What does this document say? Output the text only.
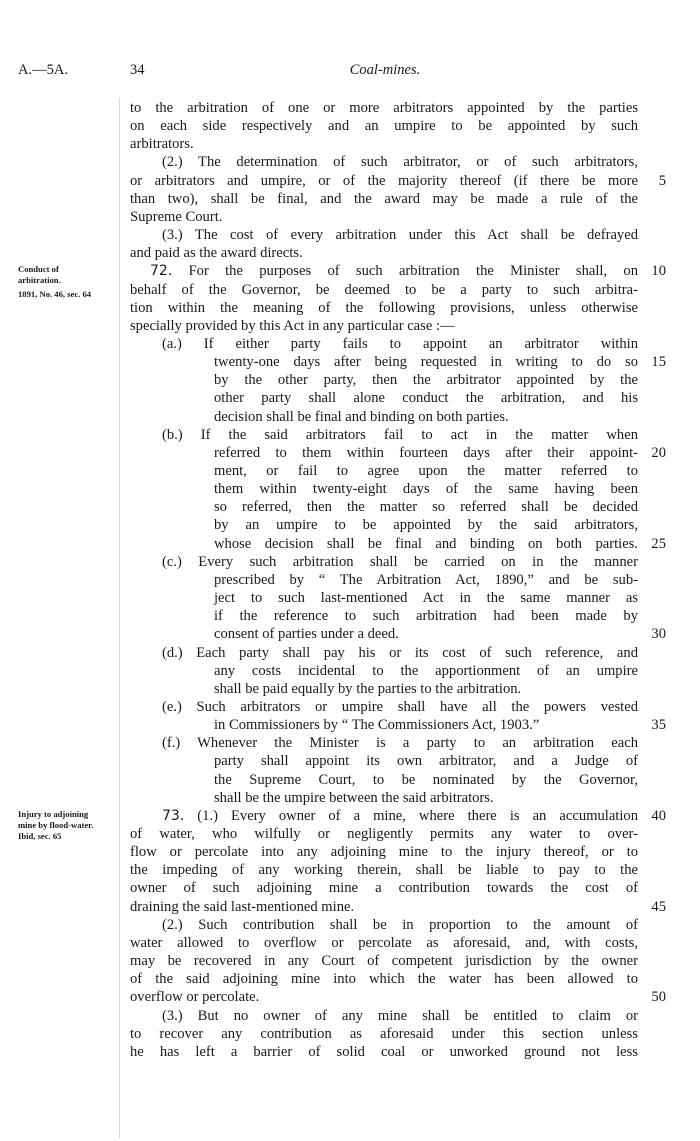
A.—5A.	Coal-mines.
34
to the arbitration of one or more arbitrators appointed by the parties
on each side respectively and an umpire to be appointed by such
arbitrators.
(2.) The determination of such arbitrator, or of such arbitrators,
or arbitrators and umpire, or of the majority thereof (if there be more
than two), shall be final, and the award may be made a rule of the
Supreme Court.
(3.) The cost of every arbitration under this Act shall be defrayed
and paid as the award directs.
72. For the purposes of such arbitration the Minister shall, on
behalf of the Governor, be deemed to be a party to such arbitra-
tion within the meaning of the following provisions, unless otherwise
specially provided by this Act in any particular case :—
(a.) If either party fails to appoint an arbitrator within
twenty-one days after being requested in writing to do so
by the other party, then the arbitrator appointed by the
other party shall alone conduct the arbitration, and his
decision shall be final and binding on both parties.
(b.) If the said arbitrators fail to act in the matter when
referred to them within fourteen days after their appoint-
ment, or fail to agree upon the matter referred to
them within twenty-eight days of the same having been
so referred, then the matter so referred shall be decided
by an umpire to be appointed by the said arbitrators,
whose decision shall be final and binding on both parties.
(c.) Every such arbitration shall be carried on in the manner
prescribed by “ The Arbitration Act, 1890,” and be sub-
ject to such last-mentioned Act in the same manner as
if the reference to such arbitration had been made by
consent of parties under a deed.
(d.) Each party shall pay his or its cost of such reference, and
any costs incidental to the apportionment of an umpire
shall be paid equally by the parties to the arbitration.
(e.) Such arbitrators or umpire shall have all the powers vested
in Commissioners by “ The Commissioners Act, 1903.”
(f.) Whenever the Minister is a party to an arbitration each
party shall appoint its own arbitrator, and a Judge of
the Supreme Court, to be nominated by the Governor,
shall be the umpire between the said arbitrators.
73. (1.) Every owner of a mine, where there is an accumulation
of water, who wilfully or negligently permits any water to over-
flow or percolate into any adjoining mine to the injury thereof, or to
the impeding of any working therein, shall be liable to pay to the
owner of such adjoining mine a contribution towards the cost of
draining the said last-mentioned mine.
(2.) Such contribution shall be in proportion to the amount of
water allowed to overflow or percolate as aforesaid, and, with costs,
may be recovered in any Court of competent jurisdiction by the owner
of the said adjoining mine into which the water has been allowed to
overflow or percolate.
(3.) But no owner of any mine shall be entitled to claim or
to recover any contribution as aforesaid under this section unless
he has left a barrier of solid coal or unworked ground not less
5
10
15
20
25
30
35
40
45
50
Conduct of
arbitration.
1891, No. 46, sec. 64
Injury to adjoining
mine by flood-water.
Ibid, sec. 65
